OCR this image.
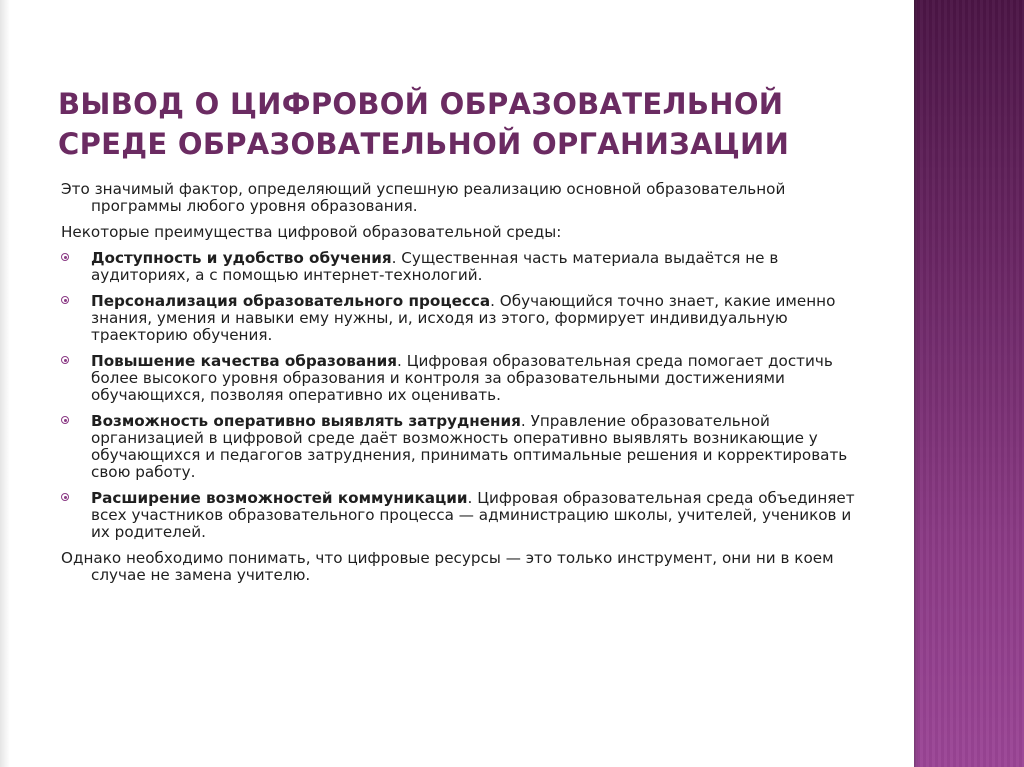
ВЫВОД О ЦИФРОВОЙ ОБРАЗОВАТЕЛЬНОЙ СРЕДЕ ОБРАЗОВАТЕЛЬНОЙ ОРГАНИЗАЦИИ

Это значимый фактор, определяющий успешную реализацию основной образовательной программы любого уровня образования.

Некоторые преимущества цифровой образовательной среды:

Доступность и удобство обучения. Существенная часть материала выдаётся не в аудиториях, а с помощью интернет-технологий.
Персонализация образовательного процесса. Обучающийся точно знает, какие именно знания, умения и навыки ему нужны, и, исходя из этого, формирует индивидуальную траекторию обучения.
Повышение качества образования. Цифровая образовательная среда помогает достичь более высокого уровня образования и контроля за образовательными достижениями обучающихся, позволяя оперативно их оценивать.
Возможность оперативно выявлять затруднения. Управление образовательной организацией в цифровой среде даёт возможность оперативно выявлять возникающие у обучающихся и педагогов затруднения, принимать оптимальные решения и корректировать свою работу.
Расширение возможностей коммуникации. Цифровая образовательная среда объединяет всех участников образовательного процесса — администрацию школы, учителей, учеников и их родителей.

Однако необходимо понимать, что цифровые ресурсы — это только инструмент, они ни в коем случае не замена учителю.
